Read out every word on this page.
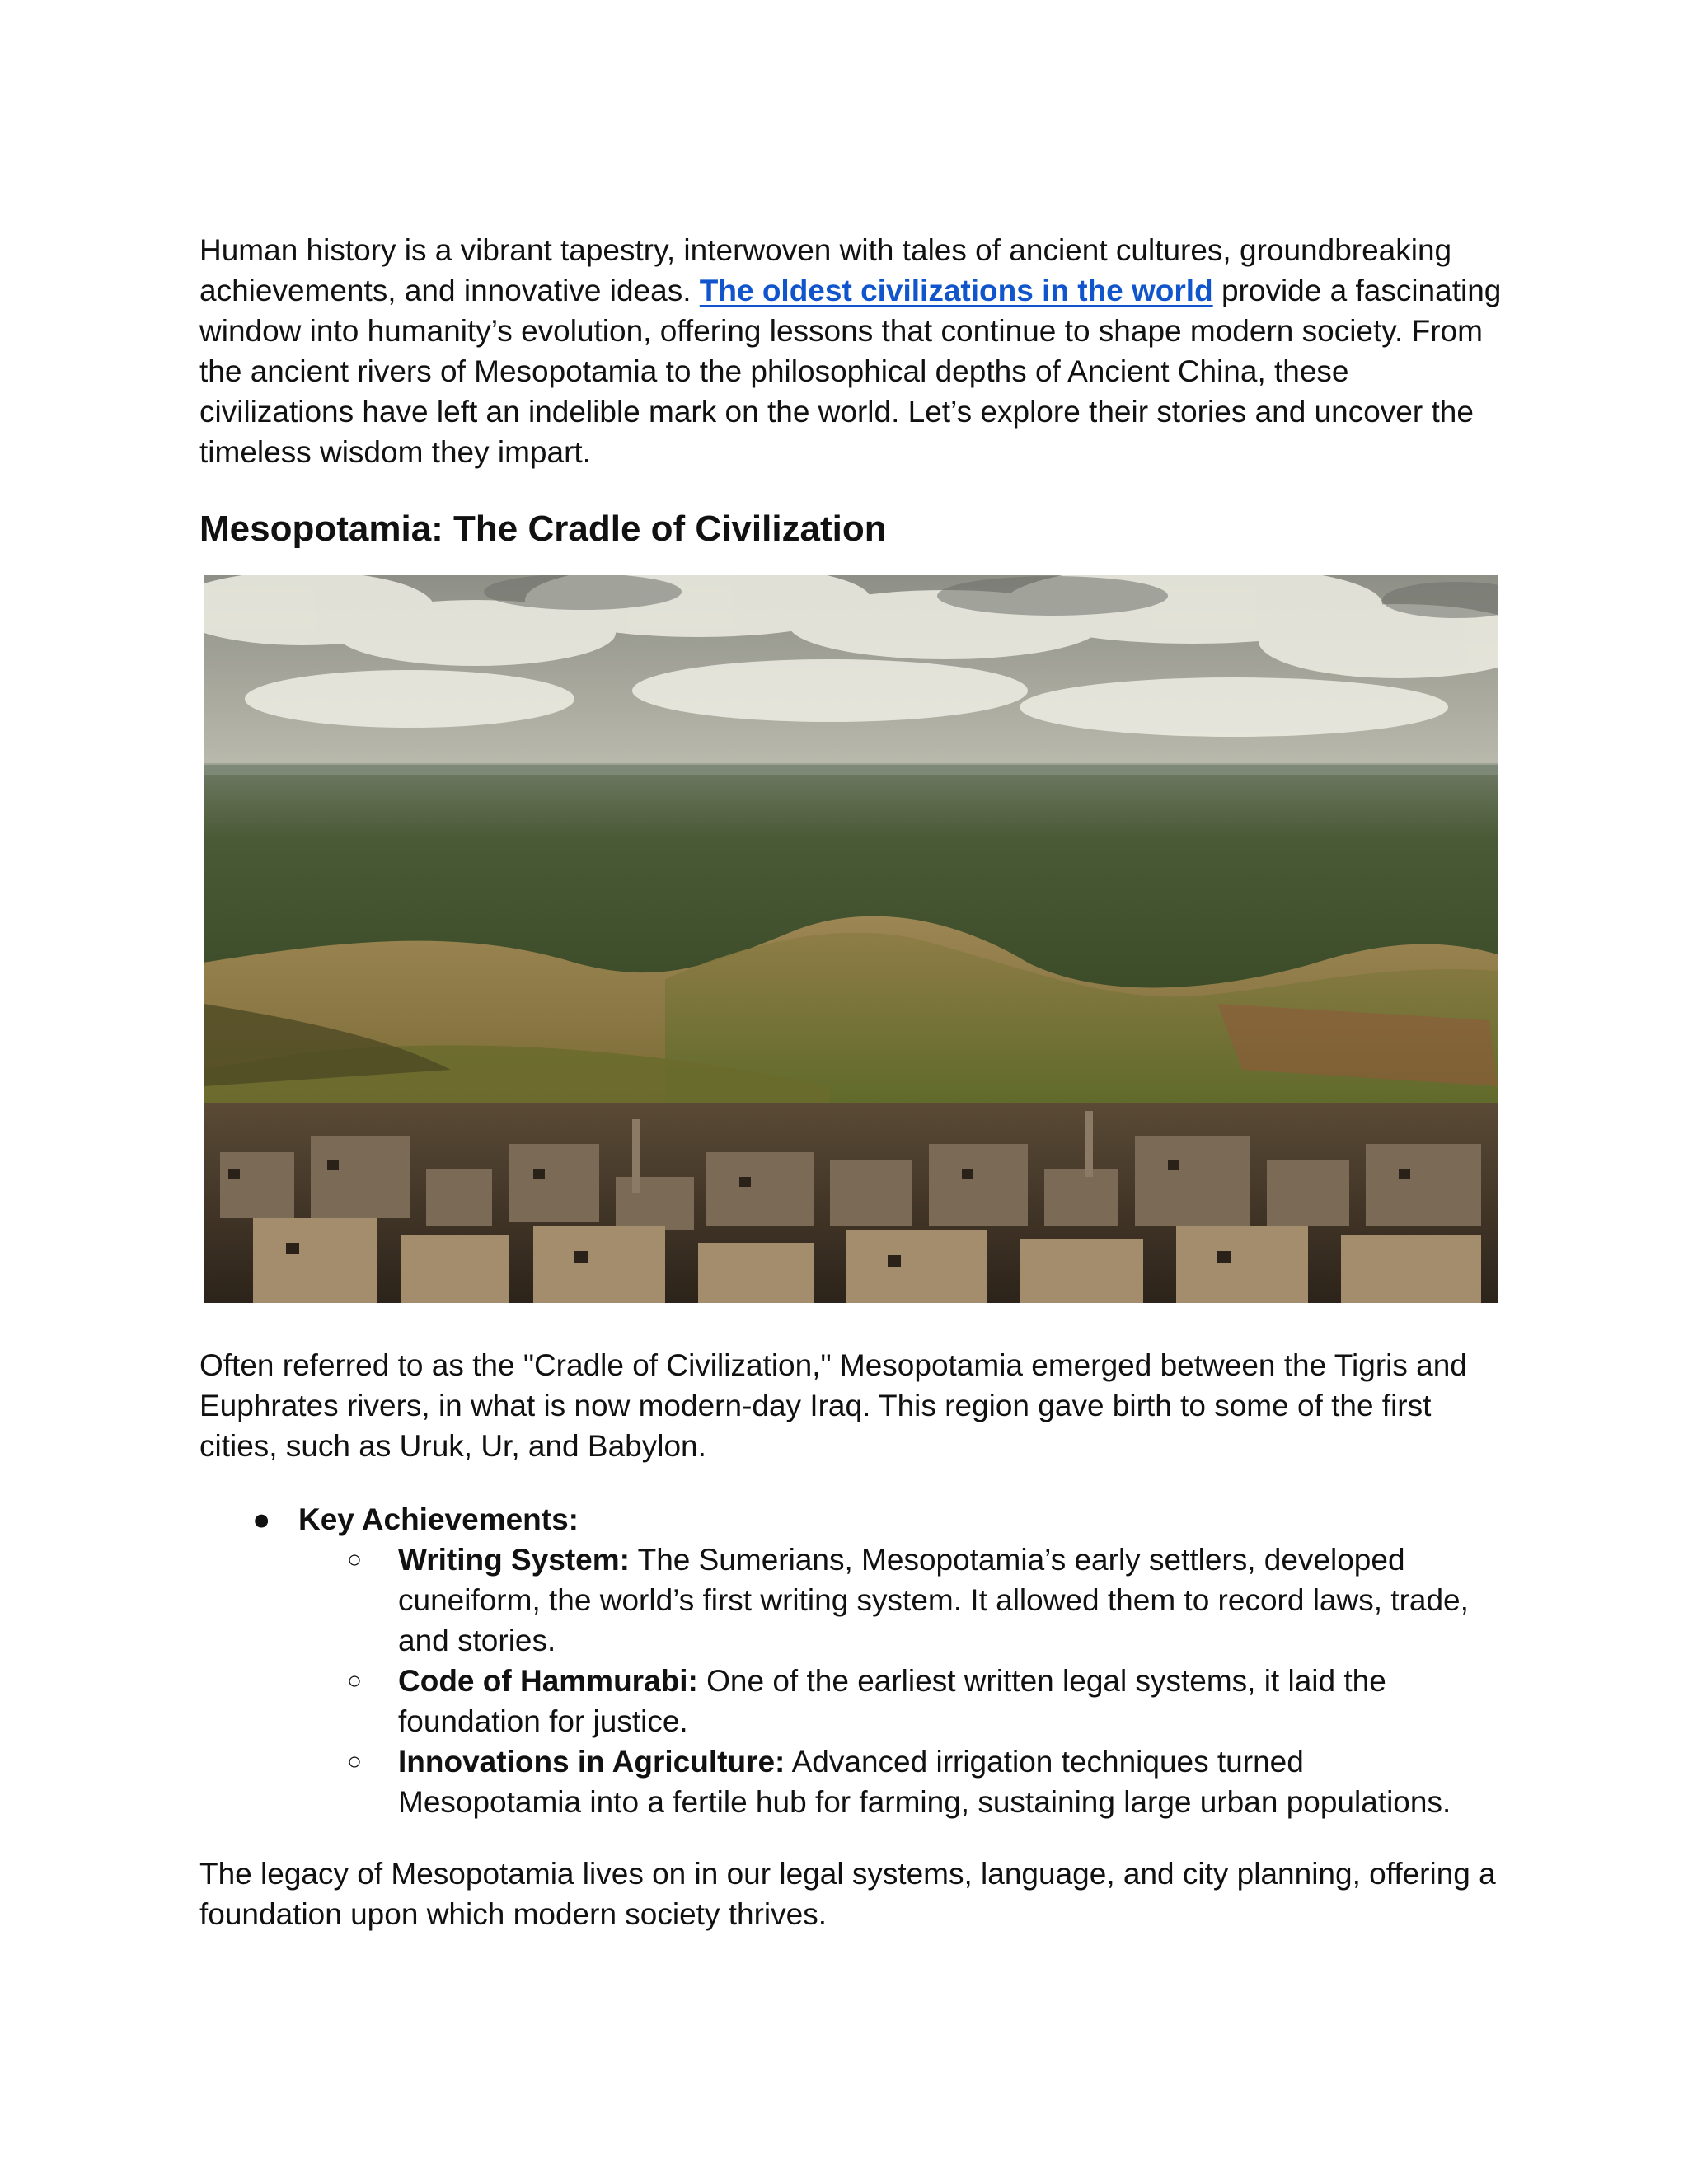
Human history is a vibrant tapestry, interwoven with tales of ancient cultures, groundbreaking achievements, and innovative ideas. The oldest civilizations in the world provide a fascinating window into humanity’s evolution, offering lessons that continue to shape modern society. From the ancient rivers of Mesopotamia to the philosophical depths of Ancient China, these civilizations have left an indelible mark on the world. Let’s explore their stories and uncover the timeless wisdom they impart.

Mesopotamia: The Cradle of Civilization

Often referred to as the "Cradle of Civilization," Mesopotamia emerged between the Tigris and Euphrates rivers, in what is now modern-day Iraq. This region gave birth to some of the first cities, such as Uruk, Ur, and Babylon.

● Key Achievements:

○ Writing System: The Sumerians, Mesopotamia’s early settlers, developed cuneiform, the world’s first writing system. It allowed them to record laws, trade, and stories.
○ Code of Hammurabi: One of the earliest written legal systems, it laid the foundation for justice.
○ Innovations in Agriculture: Advanced irrigation techniques turned Mesopotamia into a fertile hub for farming, sustaining large urban populations.

The legacy of Mesopotamia lives on in our legal systems, language, and city planning, offering a foundation upon which modern society thrives.
